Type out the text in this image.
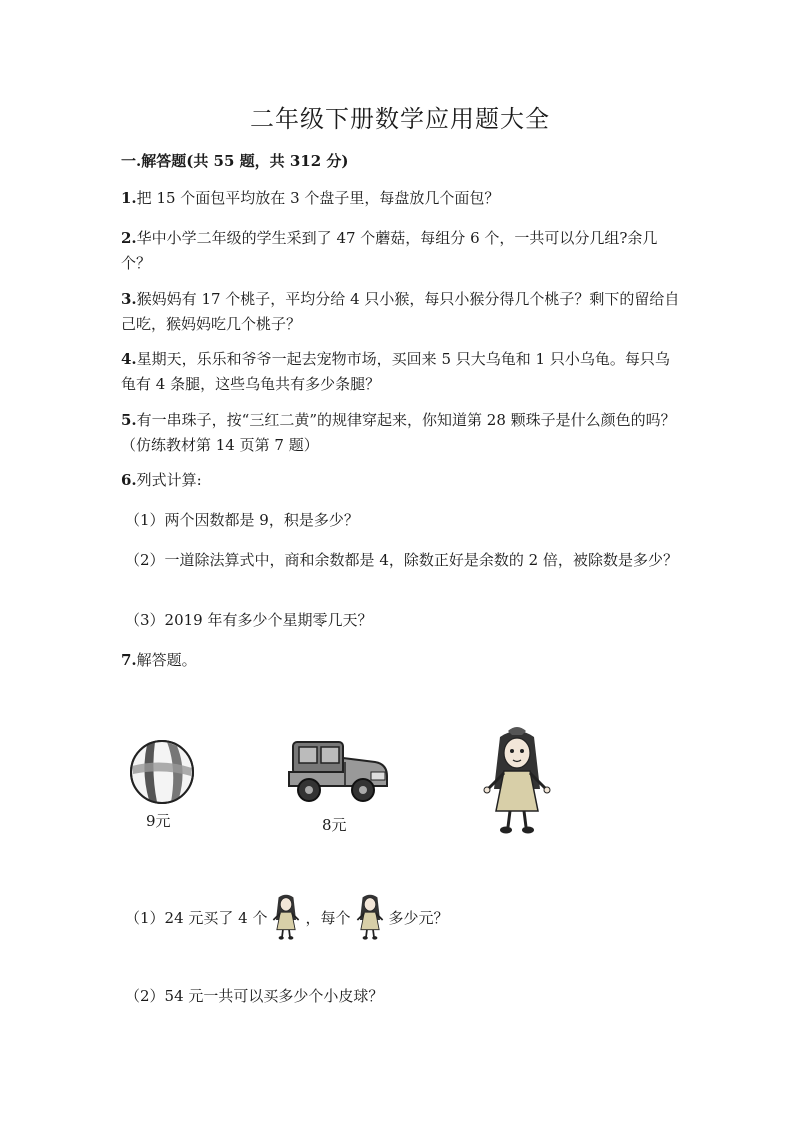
二年级下册数学应用题大全
一.解答题(共 55 题，共 312 分)
1.把 15 个面包平均放在 3 个盘子里，每盘放几个面包？
2.华中小学二年级的学生采到了 47 个蘑菇，每组分 6 个，一共可以分几组?余几个？
3.猴妈妈有 17 个桃子，平均分给 4 只小猴，每只小猴分得几个桃子？剩下的留给自己吃，猴妈妈吃几个桃子？
4.星期天，乐乐和爷爷一起去宠物市场，买回来 5 只大乌龟和 1 只小乌龟。每只乌龟有 4 条腿，这些乌龟共有多少条腿？
5.有一串珠子，按“三红二黄”的规律穿起来，你知道第 28 颗珠子是什么颜色的吗？（仿练教材第 14 页第 7 题）
6.列式计算:
（1）两个因数都是 9，积是多少？
（2）一道除法算式中，商和余数都是 4，除数正好是余数的 2 倍，被除数是多少？
（3）2019 年有多少个星期零几天？
7.解答题。
9元	8元
（1）24 元买了 4 个	，每个	多少元？
（2）54 元一共可以买多少个小皮球？
